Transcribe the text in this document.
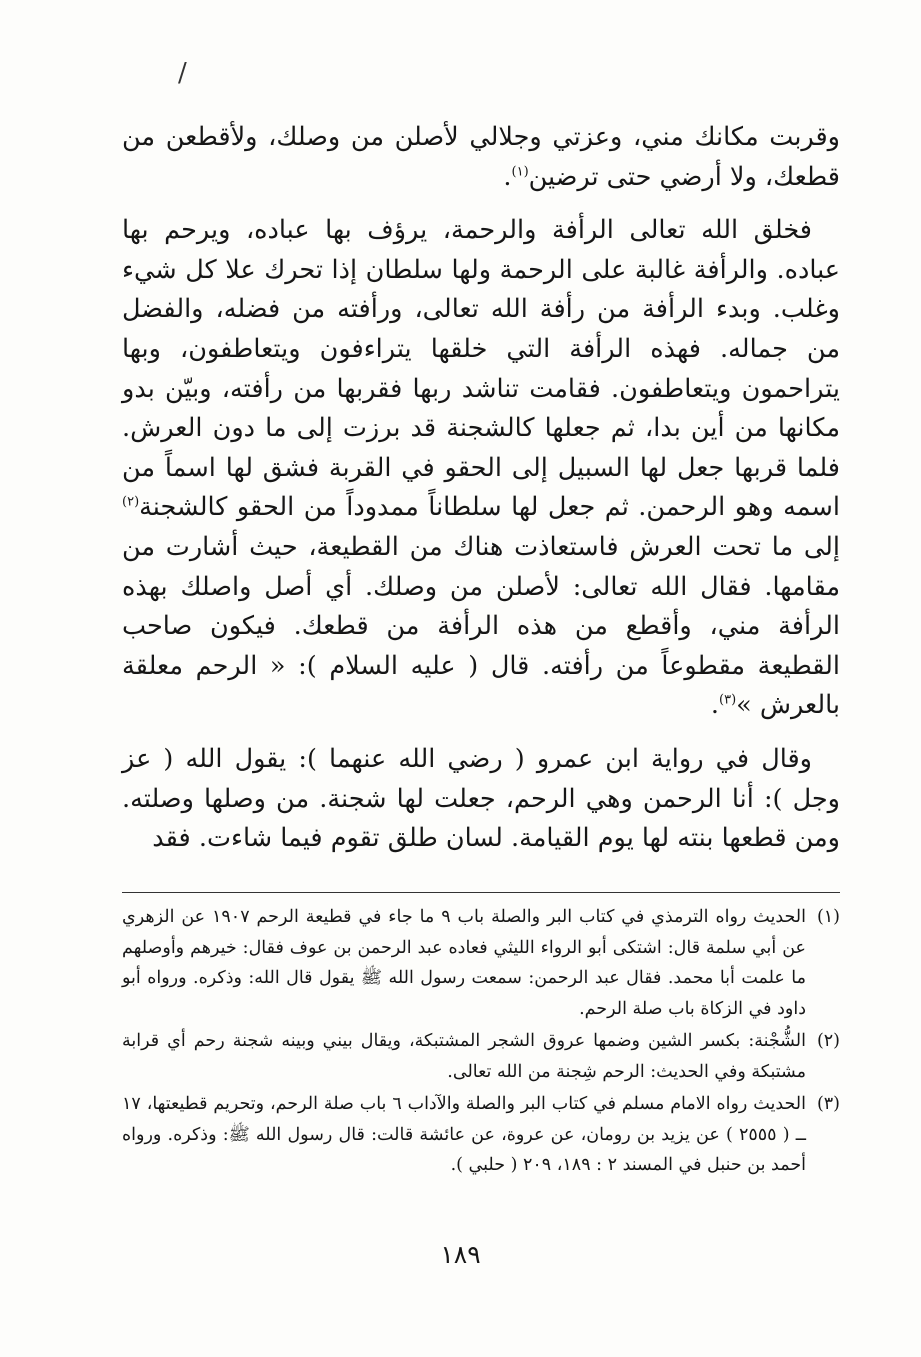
/

وقربت مكانك مني، وعزتي وجلالي لأصلن من وصلك، ولأقطعن من قطعك، ولا أرضي حتى ترضين$^{(١)}$.

فخلق الله تعالى الرأفة والرحمة، يرؤف بها عباده، ويرحم بها عباده. والرأفة غالبة على الرحمة ولها سلطان إذا تحرك علا كل شيء وغلب. وبدء الرأفة من رأفة الله تعالى، ورأفته من فضله، والفضل من جماله. فهذه الرأفة التي خلقها يتراءفون ويتعاطفون، وبها يتراحمون ويتعاطفون. فقامت تناشد ربها فقربها من رأفته، وبيّن بدو مكانها من أين بدا، ثم جعلها كالشجنة قد برزت إلى ما دون العرش. فلما قربها جعل لها السبيل إلى الحقو في القربة فشق لها اسماً من اسمه وهو الرحمن. ثم جعل لها سلطاناً ممدوداً من الحقو كالشجنة$^{(٢)}$ إلى ما تحت العرش فاستعاذت هناك من القطيعة، حيث أشارت من مقامها. فقال الله تعالى: لأصلن من وصلك. أي أصل واصلك بهذه الرأفة مني، وأقطع من هذه الرأفة من قطعك. فيكون صاحب القطيعة مقطوعاً من رأفته. قال ( عليه السلام ): « الرحم معلقة بالعرش »$^{(٣)}$.

وقال في رواية ابن عمرو ( رضي الله عنهما ): يقول الله ( عز وجل ): أنا الرحمن وهي الرحم، جعلت لها شجنة. من وصلها وصلته. ومن قطعها بنته لها يوم القيامة. لسان طلق تقوم فيما شاءت. فقد

(١)
الحديث رواه الترمذي في كتاب البر والصلة باب ٩ ما جاء في قطيعة الرحم ١٩٠٧ عن الزهري عن أبي سلمة قال: اشتكى أبو الرواء الليثي فعاده عبد الرحمن بن عوف فقال: خيرهم وأوصلهم ما علمت أبا محمد. فقال عبد الرحمن: سمعت رسول الله ﷺ يقول قال الله: وذكره. ورواه أبو داود في الزكاة باب صلة الرحم.
(٢)
الشُّجْنة: بكسر الشين وضمها عروق الشجر المشتبكة، ويقال بيني وبينه شجنة رحم أي قرابة مشتبكة وفي الحديث: الرحم شِجنة من الله تعالى.
(٣)
الحديث رواه الامام مسلم في كتاب البر والصلة والآداب ٦ باب صلة الرحم، وتحريم قطيعتها، ١٧ ــ ( ٢٥٥٥ ) عن يزيد بن رومان، عن عروة، عن عائشة قالت: قال رسول الله ﷺ: وذكره. ورواه أحمد بن حنبل في المسند ٢ : ١٨٩، ٢٠٩ ( حلبي ).
١٨٩
